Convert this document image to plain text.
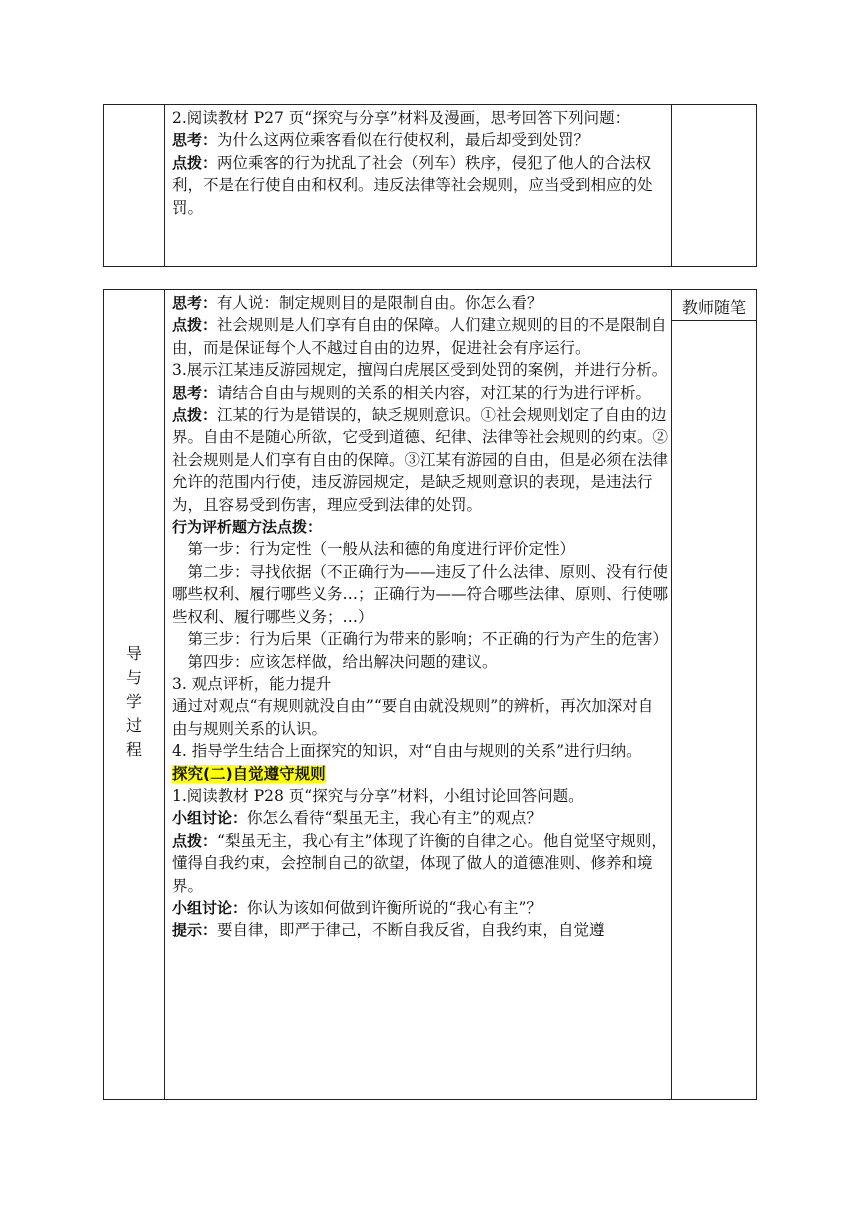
2.阅读教材 P27 页“探究与分享”材料及漫画，思考回答下列问题：

思考：为什么这两位乘客看似在行使权利，最后却受到处罚？

点拨：两位乘客的行为扰乱了社会（列车）秩序，侵犯了他人的合法权利，不是在行使自由和权利。违反法律等社会规则，应当受到相应的处罚。

导与学过程
教师随笔

思考：有人说：制定规则目的是限制自由。你怎么看？

点拨：社会规则是人们享有自由的保障。人们建立规则的目的不是限制自由，而是保证每个人不越过自由的边界，促进社会有序运行。

3.展示江某违反游园规定，擅闯白虎展区受到处罚的案例，并进行分析。

思考：请结合自由与规则的关系的相关内容，对江某的行为进行评析。

点拨：江某的行为是错误的，缺乏规则意识。①社会规则划定了自由的边界。自由不是随心所欲，它受到道德、纪律、法律等社会规则的约束。②社会规则是人们享有自由的保障。③江某有游园的自由，但是必须在法律允许的范围内行使，违反游园规定，是缺乏规则意识的表现，是违法行为，且容易受到伤害，理应受到法律的处罚。

行为评析题方法点拨：

第一步：行为定性（一般从法和德的角度进行评价定性）

第二步：寻找依据（不正确行为——违反了什么法律、原则、没有行使哪些权利、履行哪些义务…；正确行为——符合哪些法律、原则、行使哪些权利、履行哪些义务；…）

第三步：行为后果（正确行为带来的影响；不正确的行为产生的危害）

第四步：应该怎样做，给出解决问题的建议。

3. 观点评析，能力提升

通过对观点“有规则就没自由”“要自由就没规则”的辨析，再次加深对自由与规则关系的认识。

4. 指导学生结合上面探究的知识，对“自由与规则的关系”进行归纳。

探究(二)自觉遵守规则

1.阅读教材 P28 页“探究与分享”材料，小组讨论回答问题。

小组讨论：你怎么看待“梨虽无主，我心有主”的观点？

点拨：“梨虽无主，我心有主”体现了许衡的自律之心。他自觉坚守规则，懂得自我约束，会控制自己的欲望，体现了做人的道德准则、修养和境界。

小组讨论：你认为该如何做到许衡所说的“我心有主”？

提示：要自律，即严于律己，不断自我反省，自我约束，自觉遵
